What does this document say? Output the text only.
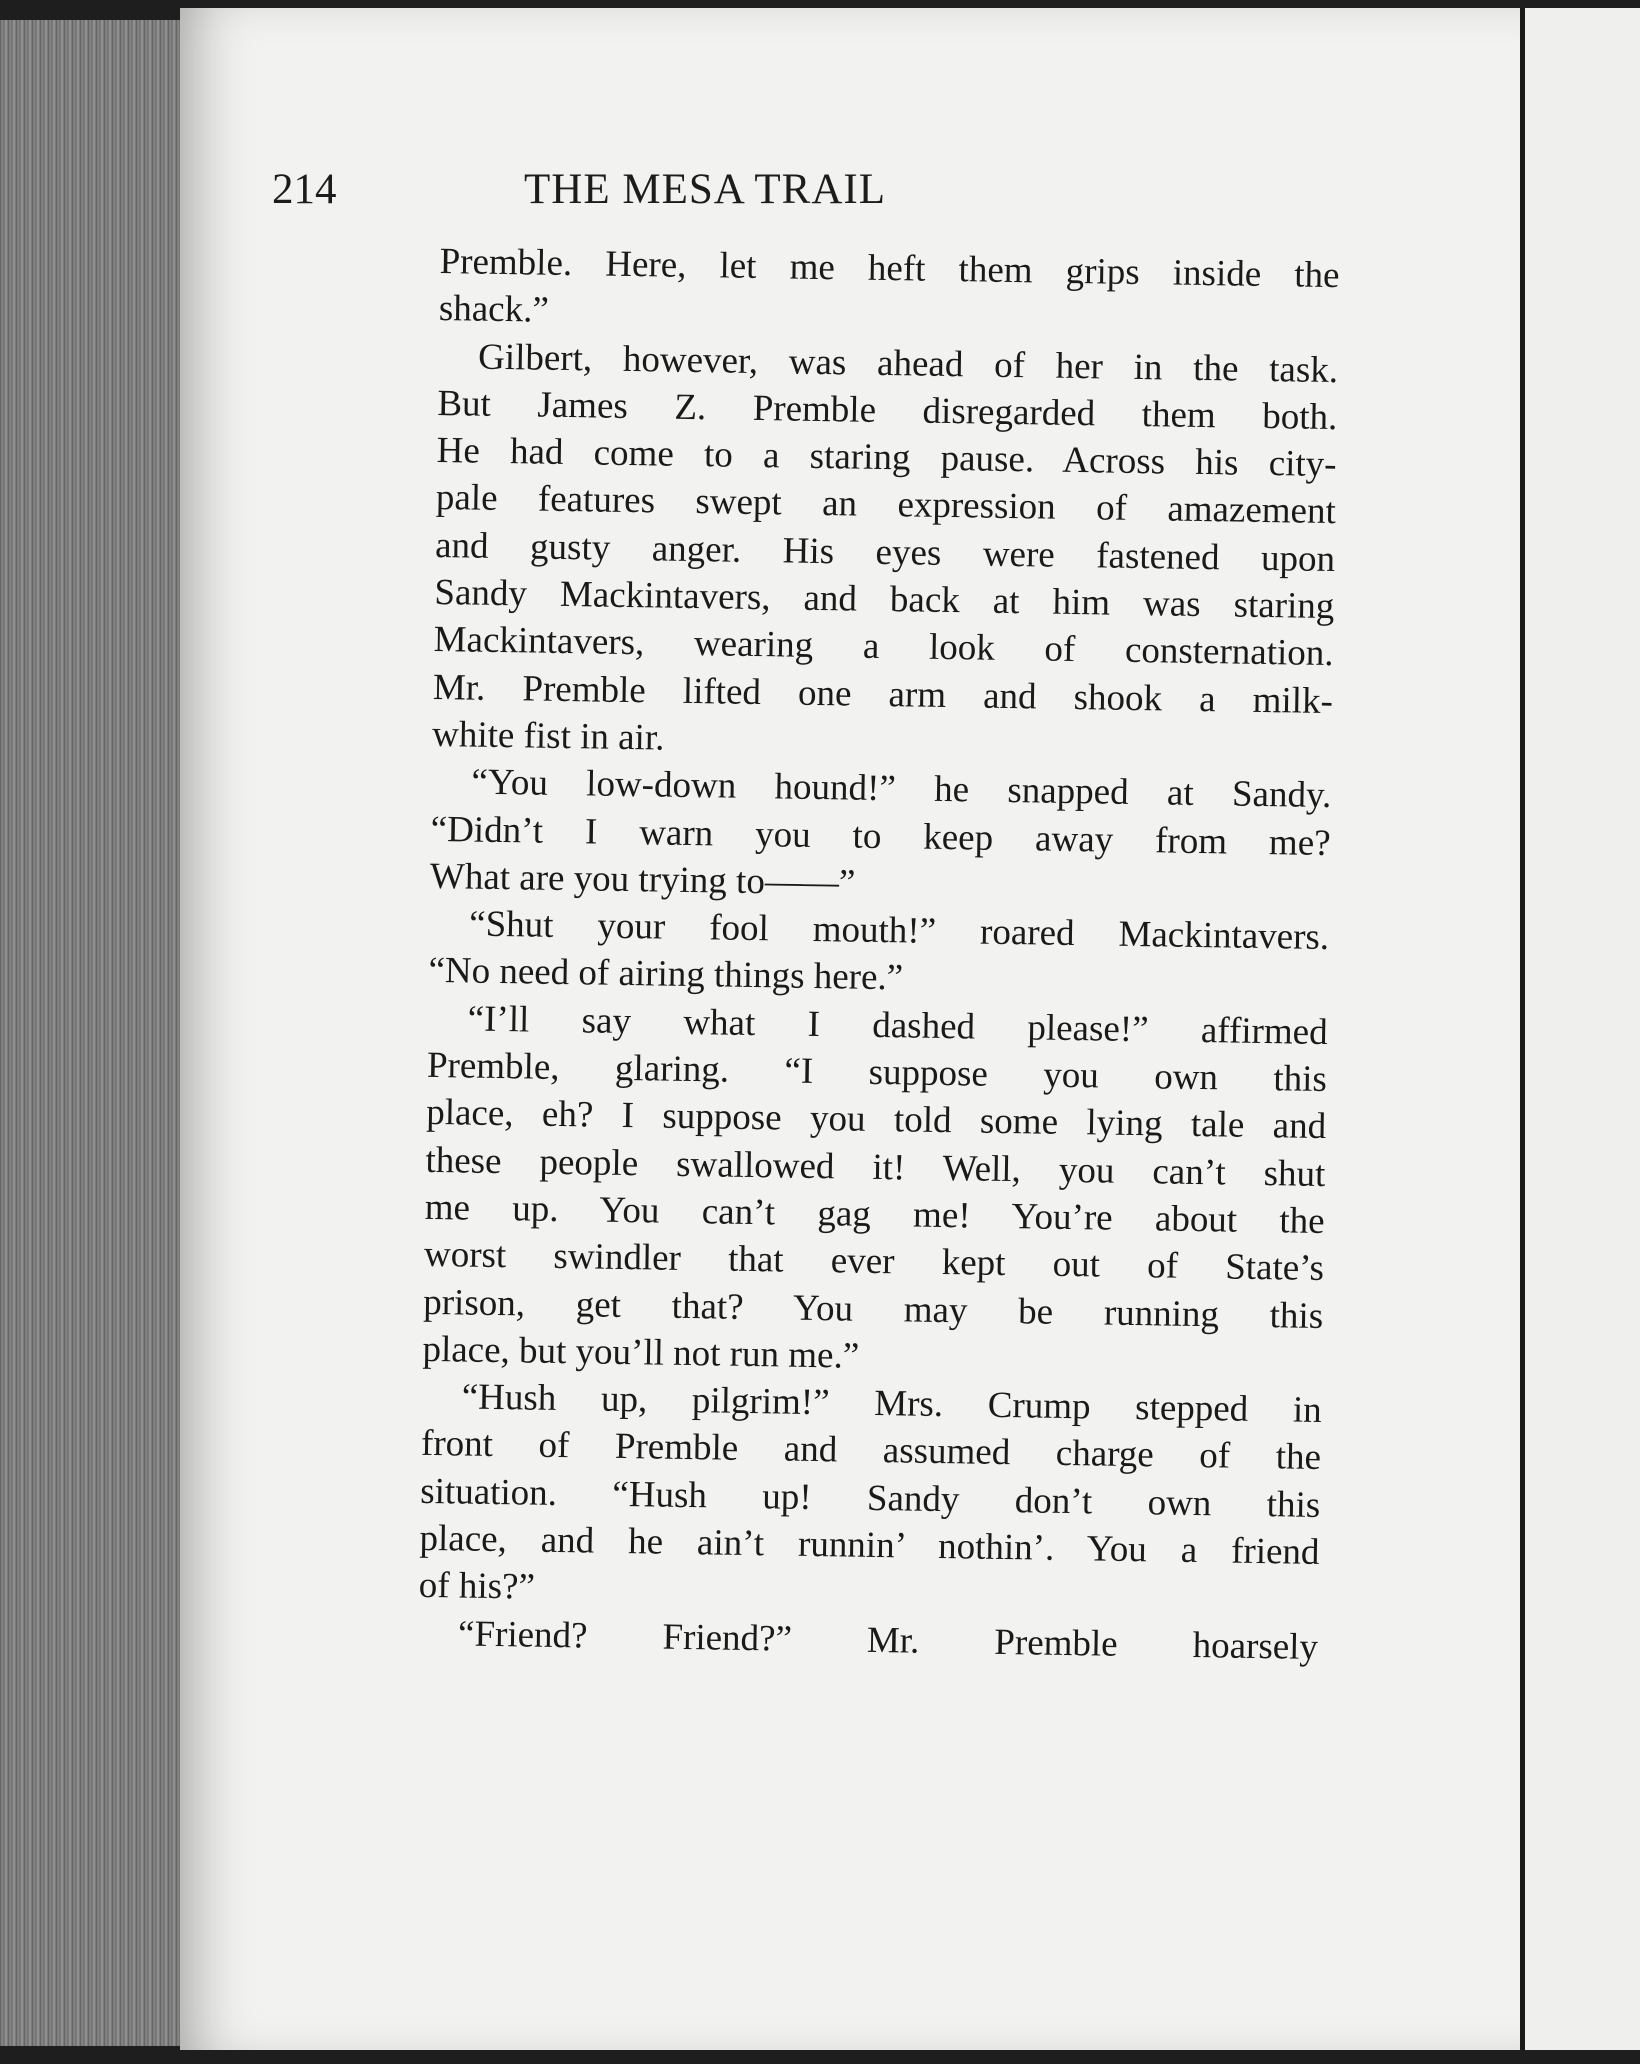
214	THE MESA TRAIL
Premble. Here, let me heft them grips inside the
shack.”
Gilbert, however, was ahead of her in the task.
But James Z. Premble disregarded them both.
He had come to a staring pause. Across his city-
pale features swept an expression of amazement
and gusty anger. His eyes were fastened upon
Sandy Mackintavers, and back at him was staring
Mackintavers, wearing a look of consternation.
Mr. Premble lifted one arm and shook a milk-
white fist in air.
“You low-down hound!” he snapped at Sandy.
“Didn’t I warn you to keep away from me?
What are you trying to——”
“Shut your fool mouth!” roared Mackintavers.
“No need of airing things here.”
“I’ll say what I dashed please!” affirmed
Premble, glaring. “I suppose you own this
place, eh? I suppose you told some lying tale and
these people swallowed it! Well, you can’t shut
me up. You can’t gag me! You’re about the
worst swindler that ever kept out of State’s
prison, get that? You may be running this
place, but you’ll not run me.”
“Hush up, pilgrim!” Mrs. Crump stepped in
front of Premble and assumed charge of the
situation. “Hush up! Sandy don’t own this
place, and he ain’t runnin’ nothin’. You a friend
of his?”
“Friend? Friend?” Mr. Premble hoarsely
